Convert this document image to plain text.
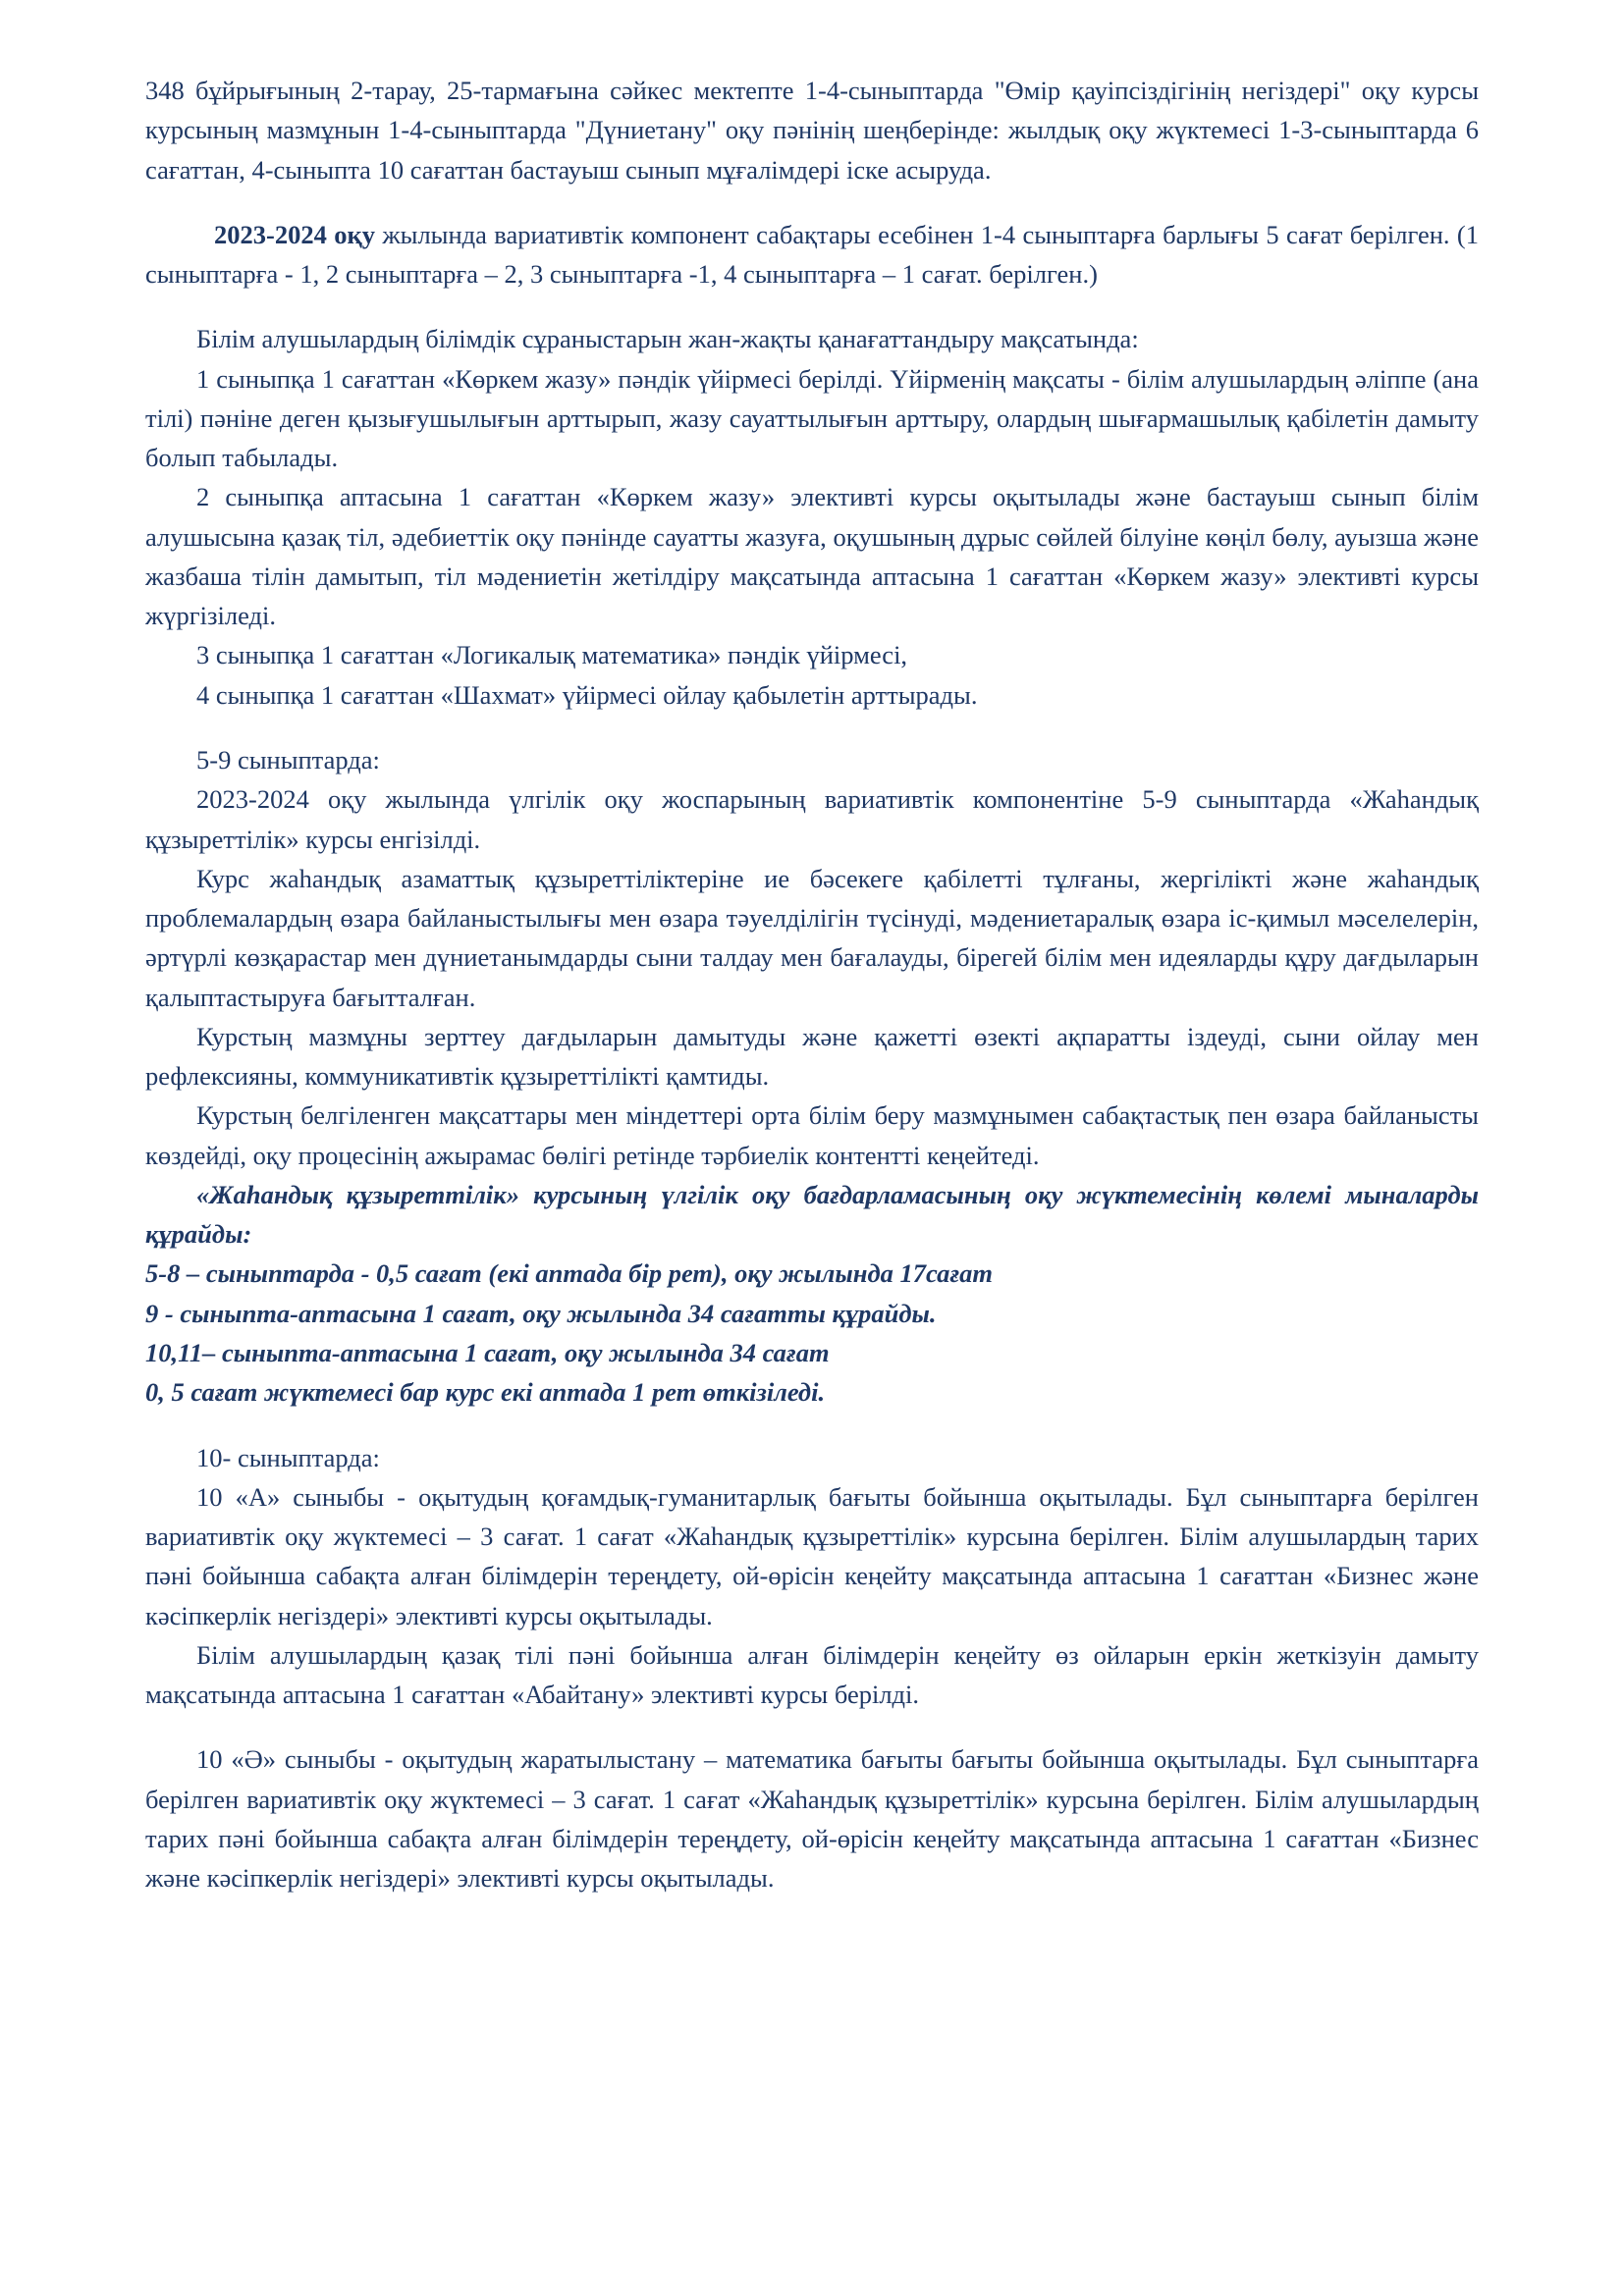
348 бұйрығының 2-тарау, 25-тармағына сәйкес мектепте 1-4-сыныптарда "Өмір қауіпсіздігінің негіздері" оқу курсы курсының мазмұнын 1-4-сыныптарда "Дүниетану" оқу пәнінің шеңберінде: жылдық оқу жүктемесі 1-3-сыныптарда 6 сағаттан, 4-сыныпта 10 сағаттан бастауыш сынып мұғалімдері іске асыруда.

2023-2024 оқу жылында вариативтік компонент сабақтары есебінен 1-4 сыныптарға барлығы 5 сағат берілген. (1 сыныптарға - 1, 2 сыныптарға – 2, 3 сыныптарға -1, 4 сыныптарға – 1 сағат. берілген.)

Білім алушылардың білімдік сұраныстарын жан-жақты қанағаттандыру мақсатында:

1 сыныпқа 1 сағаттан «Көркем жазу» пәндік үйірмесі берілді. Үйірменің мақсаты - білім алушылардың әліппе (ана тілі) пәніне деген қызығушылығын арттырып, жазу сауаттылығын арттыру, олардың шығармашылық қабілетін дамыту болып табылады.

2 сыныпқа аптасына 1 сағаттан «Көркем жазу» элективті курсы оқытылады және бастауыш сынып білім алушысына қазақ тіл, әдебиеттік оқу пәнінде сауатты жазуға, оқушының дұрыс сөйлей білуіне көңіл бөлу, ауызша және жазбаша тілін дамытып, тіл мәдениетін жетілдіру мақсатында аптасына 1 сағаттан «Көркем жазу» элективті курсы жүргізіледі.

3 сыныпқа 1 сағаттан «Логикалық математика» пәндік үйірмесі,

4 сыныпқа 1 сағаттан «Шахмат» үйірмесі ойлау қабылетін арттырады.

5-9 сыныптарда:

2023-2024 оқу жылында үлгілік оқу жоспарының вариативтік компонентіне 5-9 сыныптарда «Жаһандық құзыреттілік» курсы енгізілді.

Курс жаһандық азаматтық құзыреттіліктеріне ие бәсекеге қабілетті тұлғаны, жергілікті және жаһандық проблемалардың өзара байланыстылығы мен өзара тәуелділігін түсінуді, мәдениетаралық өзара іс-қимыл мәселелерін, әртүрлі көзқарастар мен дүниетанымдарды сыни талдау мен бағалауды, бірегей білім мен идеяларды құру дағдыларын қалыптастыруға бағытталған.

Курстың мазмұны зерттеу дағдыларын дамытуды және қажетті өзекті ақпаратты іздеуді, сыни ойлау мен рефлексияны, коммуникативтік құзыреттілікті қамтиды.

Курстың белгіленген мақсаттары мен міндеттері орта білім беру мазмұнымен сабақтастық пен өзара байланысты көздейді, оқу процесінің ажырамас бөлігі ретінде тәрбиелік контентті кеңейтеді.

«Жаһандық құзыреттілік» курсының үлгілік оқу бағдарламасының оқу жүктемесінің көлемі мыналарды құрайды:

5-8 – сыныптарда - 0,5 сағат (екі аптада бір рет), оқу жылында 17сағат

9 - сыныпта-аптасына 1 сағат, оқу жылында 34 сағатты құрайды.

10,11– сыныпта-аптасына 1 сағат, оқу жылында 34 сағат

0, 5 сағат жүктемесі бар курс екі аптада 1 рет өткізіледі.

10- сыныптарда:

10 «А» сыныбы - оқытудың қоғамдық-гуманитарлық бағыты бойынша оқытылады. Бұл сыныптарға берілген вариативтік оқу жүктемесі – 3 сағат. 1 сағат «Жаһандық құзыреттілік» курсына берілген. Білім алушылардың тарих пәні бойынша сабақта алған білімдерін тереңдету, ой-өрісін кеңейту мақсатында аптасына 1 сағаттан «Бизнес және кәсіпкерлік негіздері» элективті курсы оқытылады.

Білім алушылардың қазақ тілі пәні бойынша алған білімдерін кеңейту өз ойларын еркін жеткізуін дамыту мақсатында аптасына 1 сағаттан «Абайтану» элективті курсы берілді.

10 «Ә» сыныбы - оқытудың жаратылыстану – математика бағыты бағыты бойынша оқытылады. Бұл сыныптарға берілген вариативтік оқу жүктемесі – 3 сағат. 1 сағат «Жаһандық құзыреттілік» курсына берілген. Білім алушылардың тарих пәні бойынша сабақта алған білімдерін тереңдету, ой-өрісін кеңейту мақсатында аптасына 1 сағаттан «Бизнес және кәсіпкерлік негіздері» элективті курсы оқытылады.
